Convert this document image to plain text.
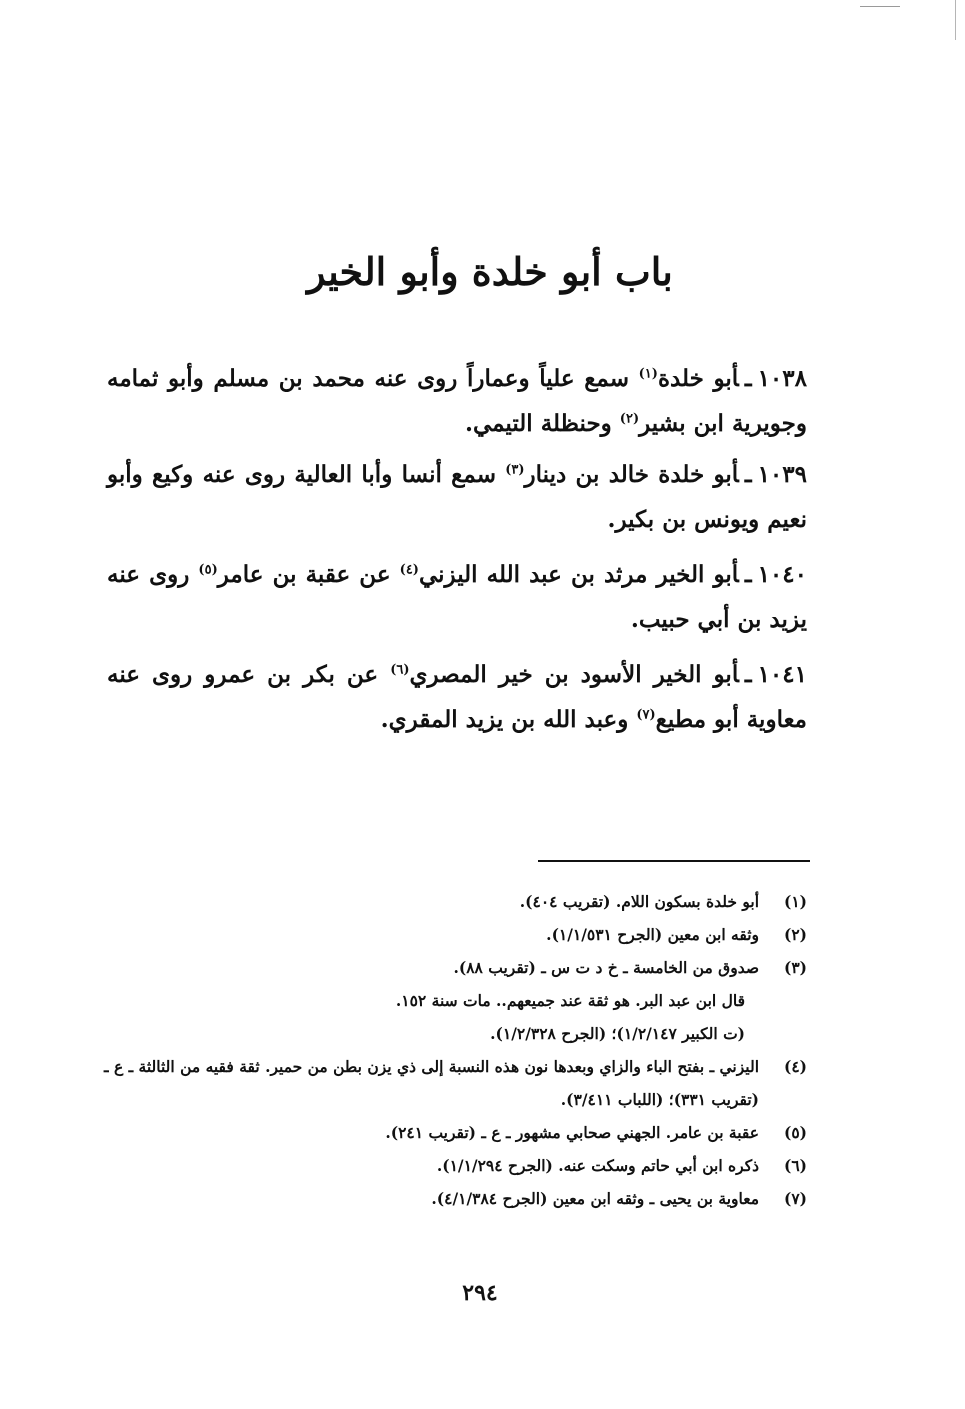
باب أبو خلدة وأبو الخير
١٠٣٨ـأبو خلدة$^{(١)}$ سمع علياً وعماراً روى عنه محمد بن مسلم وأبو ثمامه وجويرية ابن بشير$^{(٢)}$ وحنظلة التيمي.
١٠٣٩ـأبو خلدة خالد بن دينار$^{(٣)}$ سمع أنسا وأبا العالية روى عنه وكيع وأبو نعيم ويونس بن بكير.
١٠٤٠ـأبو الخير مرثد بن عبد الله اليزني$^{(٤)}$ عن عقبة بن عامر$^{(٥)}$ روى عنه يزيد بن أبي حبيب.
١٠٤١ـأبو الخير الأسود بن خير المصري$^{(٦)}$ عن بكر بن عمرو روى عنه معاوية أبو مطيع$^{(٧)}$ وعبد الله بن يزيد المقري.
(١)
أبو خلدة بسكون اللام. (تقريب ٤٠٤).
(٢)
وثقه ابن معين (الجرح ١/١/٥٣١).
(٣)
صدوق من الخامسة ـ خ د ت س ـ (تقريب ٨٨).
قال ابن عبد البر. هو ثقة عند جميعهم.. مات سنة ١٥٢.
(ت الكبير ١/٢/١٤٧)؛ (الجرح ١/٢/٣٢٨).
(٤)
اليزني ـ بفتح الباء والزاي وبعدها نون هذه النسبة إلى ذي يزن بطن من حمير. ثقة فقيه من الثالثة ـ ع ـ (تقريب ٣٣١)؛ (اللباب ٣/٤١١).
(٥)
عقبة بن عامر. الجهني صحابي مشهور ـ ع ـ (تقريب ٢٤١).
(٦)
ذكره ابن أبي حاتم وسكت عنه. (الجرح ١/١/٢٩٤).
(٧)
معاوية بن يحيى ـ وثقه ابن معين (الجرح ٤/١/٣٨٤).
٢٩٤
